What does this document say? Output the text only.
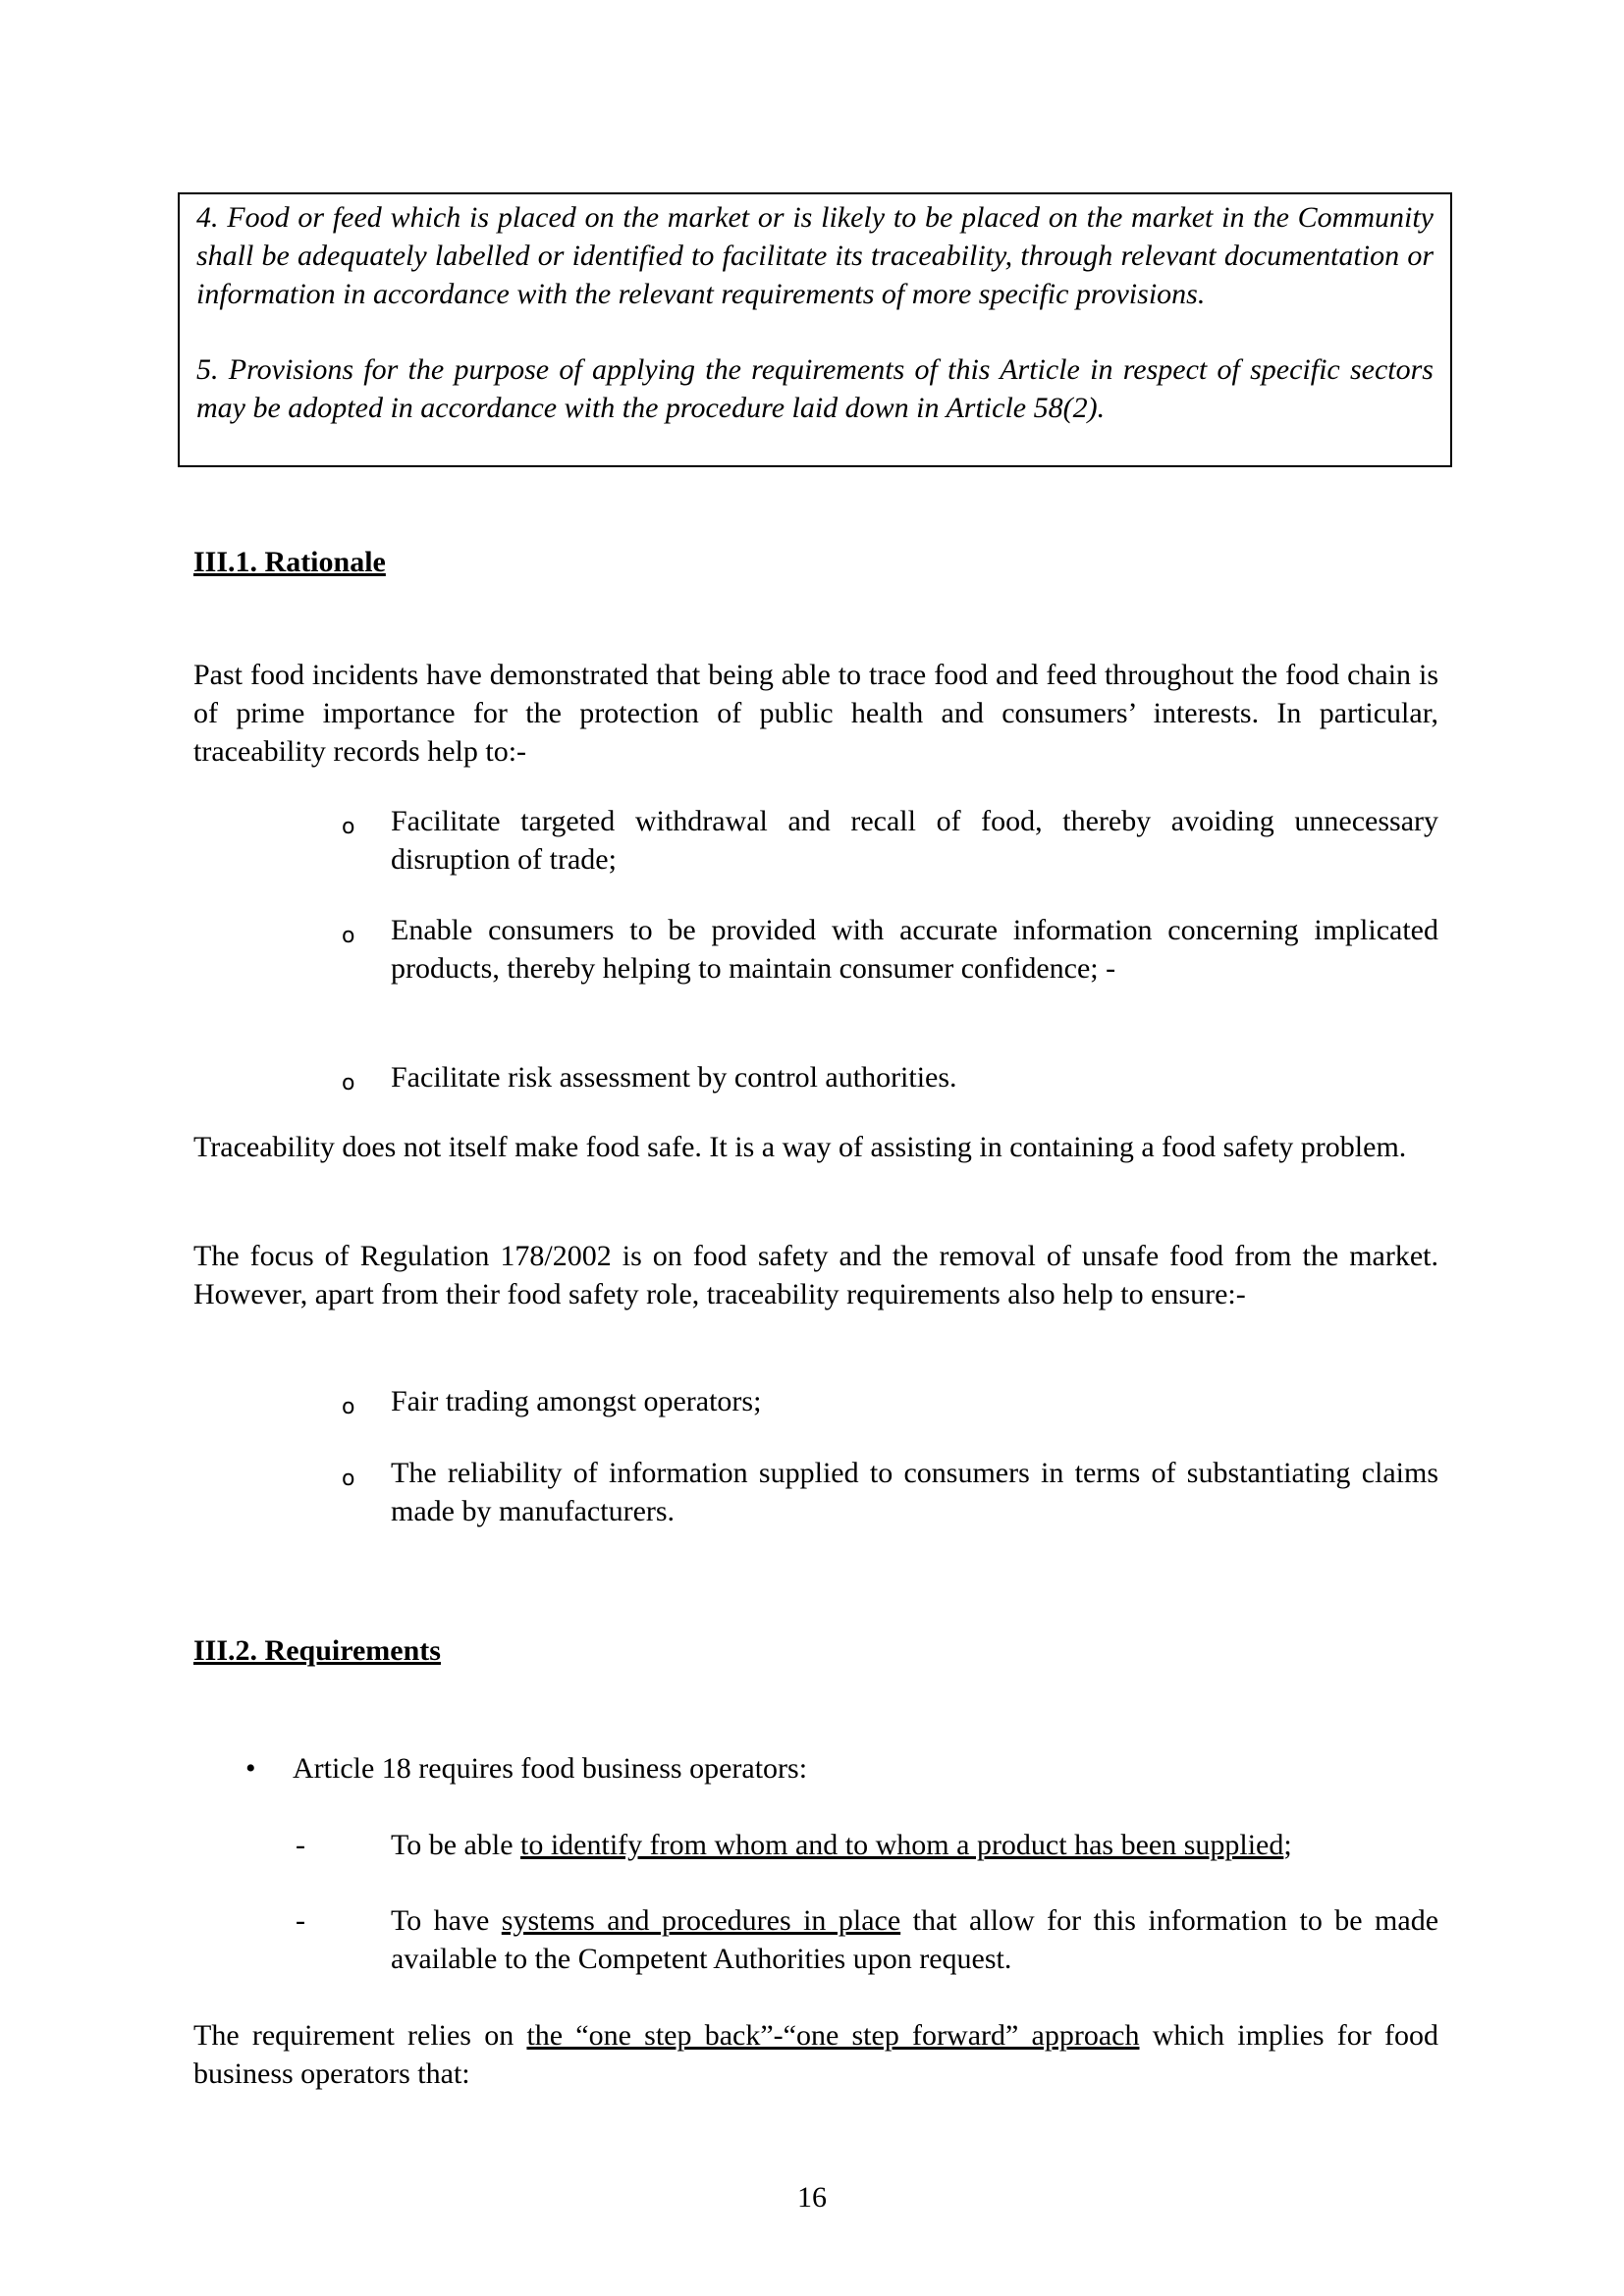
4. Food or feed which is placed on the market or is likely to be placed on the market in the Community shall be adequately labelled or identified to facilitate its traceability, through relevant documentation or information in accordance with the relevant requirements of more specific provisions.

5. Provisions for the purpose of applying the requirements of this Article in respect of specific sectors may be adopted in accordance with the procedure laid down in Article 58(2).

III.1. Rationale

Past food incidents have demonstrated that being able to trace food and feed throughout the food chain is of prime importance for the protection of public health and consumers’ interests. In particular, traceability records help to:-

o Facilitate targeted withdrawal and recall of food, thereby avoiding unnecessary disruption of trade;

o Enable consumers to be provided with accurate information concerning implicated products, thereby helping to maintain consumer confidence; -

o Facilitate risk assessment by control authorities.

Traceability does not itself make food safe. It is a way of assisting in containing a food safety problem.

The focus of Regulation 178/2002 is on food safety and the removal of unsafe food from the market. However, apart from their food safety role, traceability requirements also help to ensure:-

o Fair trading amongst operators;

o The reliability of information supplied to consumers in terms of substantiating claims made by manufacturers.

III.2. Requirements
• Article 18 requires food business operators:

-	To be able to identify from whom and to whom a product has been supplied;

-	To have systems and procedures in place that allow for this information to be made available to the Competent Authorities upon request.

The requirement relies on the “one step back”-“one step forward” approach which implies for food business operators that:

16
